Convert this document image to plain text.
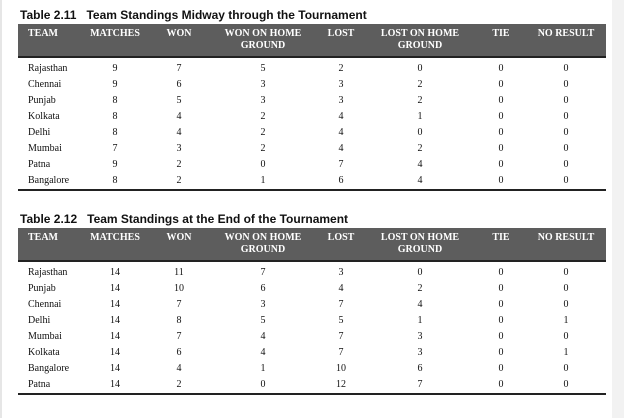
Table 2.11 Team Standings Midway through the Tournament
TEAM	MATCHES	WON	WON ON HOME GROUND	LOST	LOST ON HOME GROUND	TIE	NO RESULT
Rajasthan	9	7	5	2	0	0	0
Chennai	9	6	3	3	2	0	0
Punjab	8	5	3	3	2	0	0
Kolkata	8	4	2	4	1	0	0
Delhi	8	4	2	4	0	0	0
Mumbai	7	3	2	4	2	0	0
Patna	9	2	0	7	4	0	0
Bangalore	8	2	1	6	4	0	0
Table 2.12 Team Standings at the End of the Tournament
TEAM	MATCHES	WON	WON ON HOME GROUND	LOST	LOST ON HOME GROUND	TIE	NO RESULT
Rajasthan	14	11	7	3	0	0	0
Punjab	14	10	6	4	2	0	0
Chennai	14	7	3	7	4	0	0
Delhi	14	8	5	5	1	0	1
Mumbai	14	7	4	7	3	0	0
Kolkata	14	6	4	7	3	0	1
Bangalore	14	4	1	10	6	0	0
Patna	14	2	0	12	7	0	0
